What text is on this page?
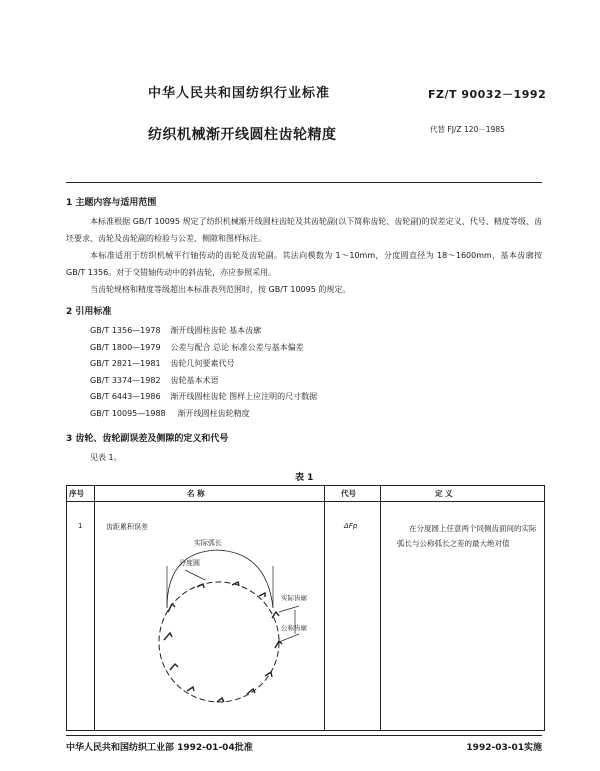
中华人民共和国纺织行业标准	FZ/T 90032－1992
纺织机械渐开线圆柱齿轮精度	代替 FJ/Z 120－1985
1 主题内容与适用范围

本标准根据 GB/T 10095 规定了纺织机械渐开线圆柱齿轮及其齿轮副(以下简称齿轮、齿轮副)的误差定义、代号、精度等级、齿坯要求、齿轮及齿轮副的检验与公差、侧隙和图样标注。

本标准适用于纺织机械平行轴传动的齿轮及齿轮副。其法向模数为 1～10mm，分度圆直径为 18～1600mm，基本齿廓按 GB/T 1356。对于交错轴传动中的斜齿轮，亦应参照采用。

当齿轮规格和精度等级超出本标准表列范围时，按 GB/T 10095 的规定。

2 引用标准
GB/T 1356—1978 渐开线圆柱齿轮 基本齿廓
GB/T 1800—1979 公差与配合 总论 标准公差与基本偏差
GB/T 2821—1981 齿轮几何要素代号
GB/T 3374—1982 齿轮基本术语
GB/T 6443—1986 渐开线圆柱齿轮 图样上应注明的尺寸数据
GB/T 10095—1988 渐开线圆柱齿轮精度
3 齿轮、齿轮副误差及侧隙的定义和代号
见表 1。
表 1
序号	名 称	代号	定 义
1	齿距累积误差	ΔFp	在分度圆上任意两个同侧齿面间的实际弧长与公称弧长之差的最大绝对值

实际弧长
分度圆
实际齿廓
公称齿廓
中华人民共和国纺织工业部 1992-01-04批准	1992-03-01实施
